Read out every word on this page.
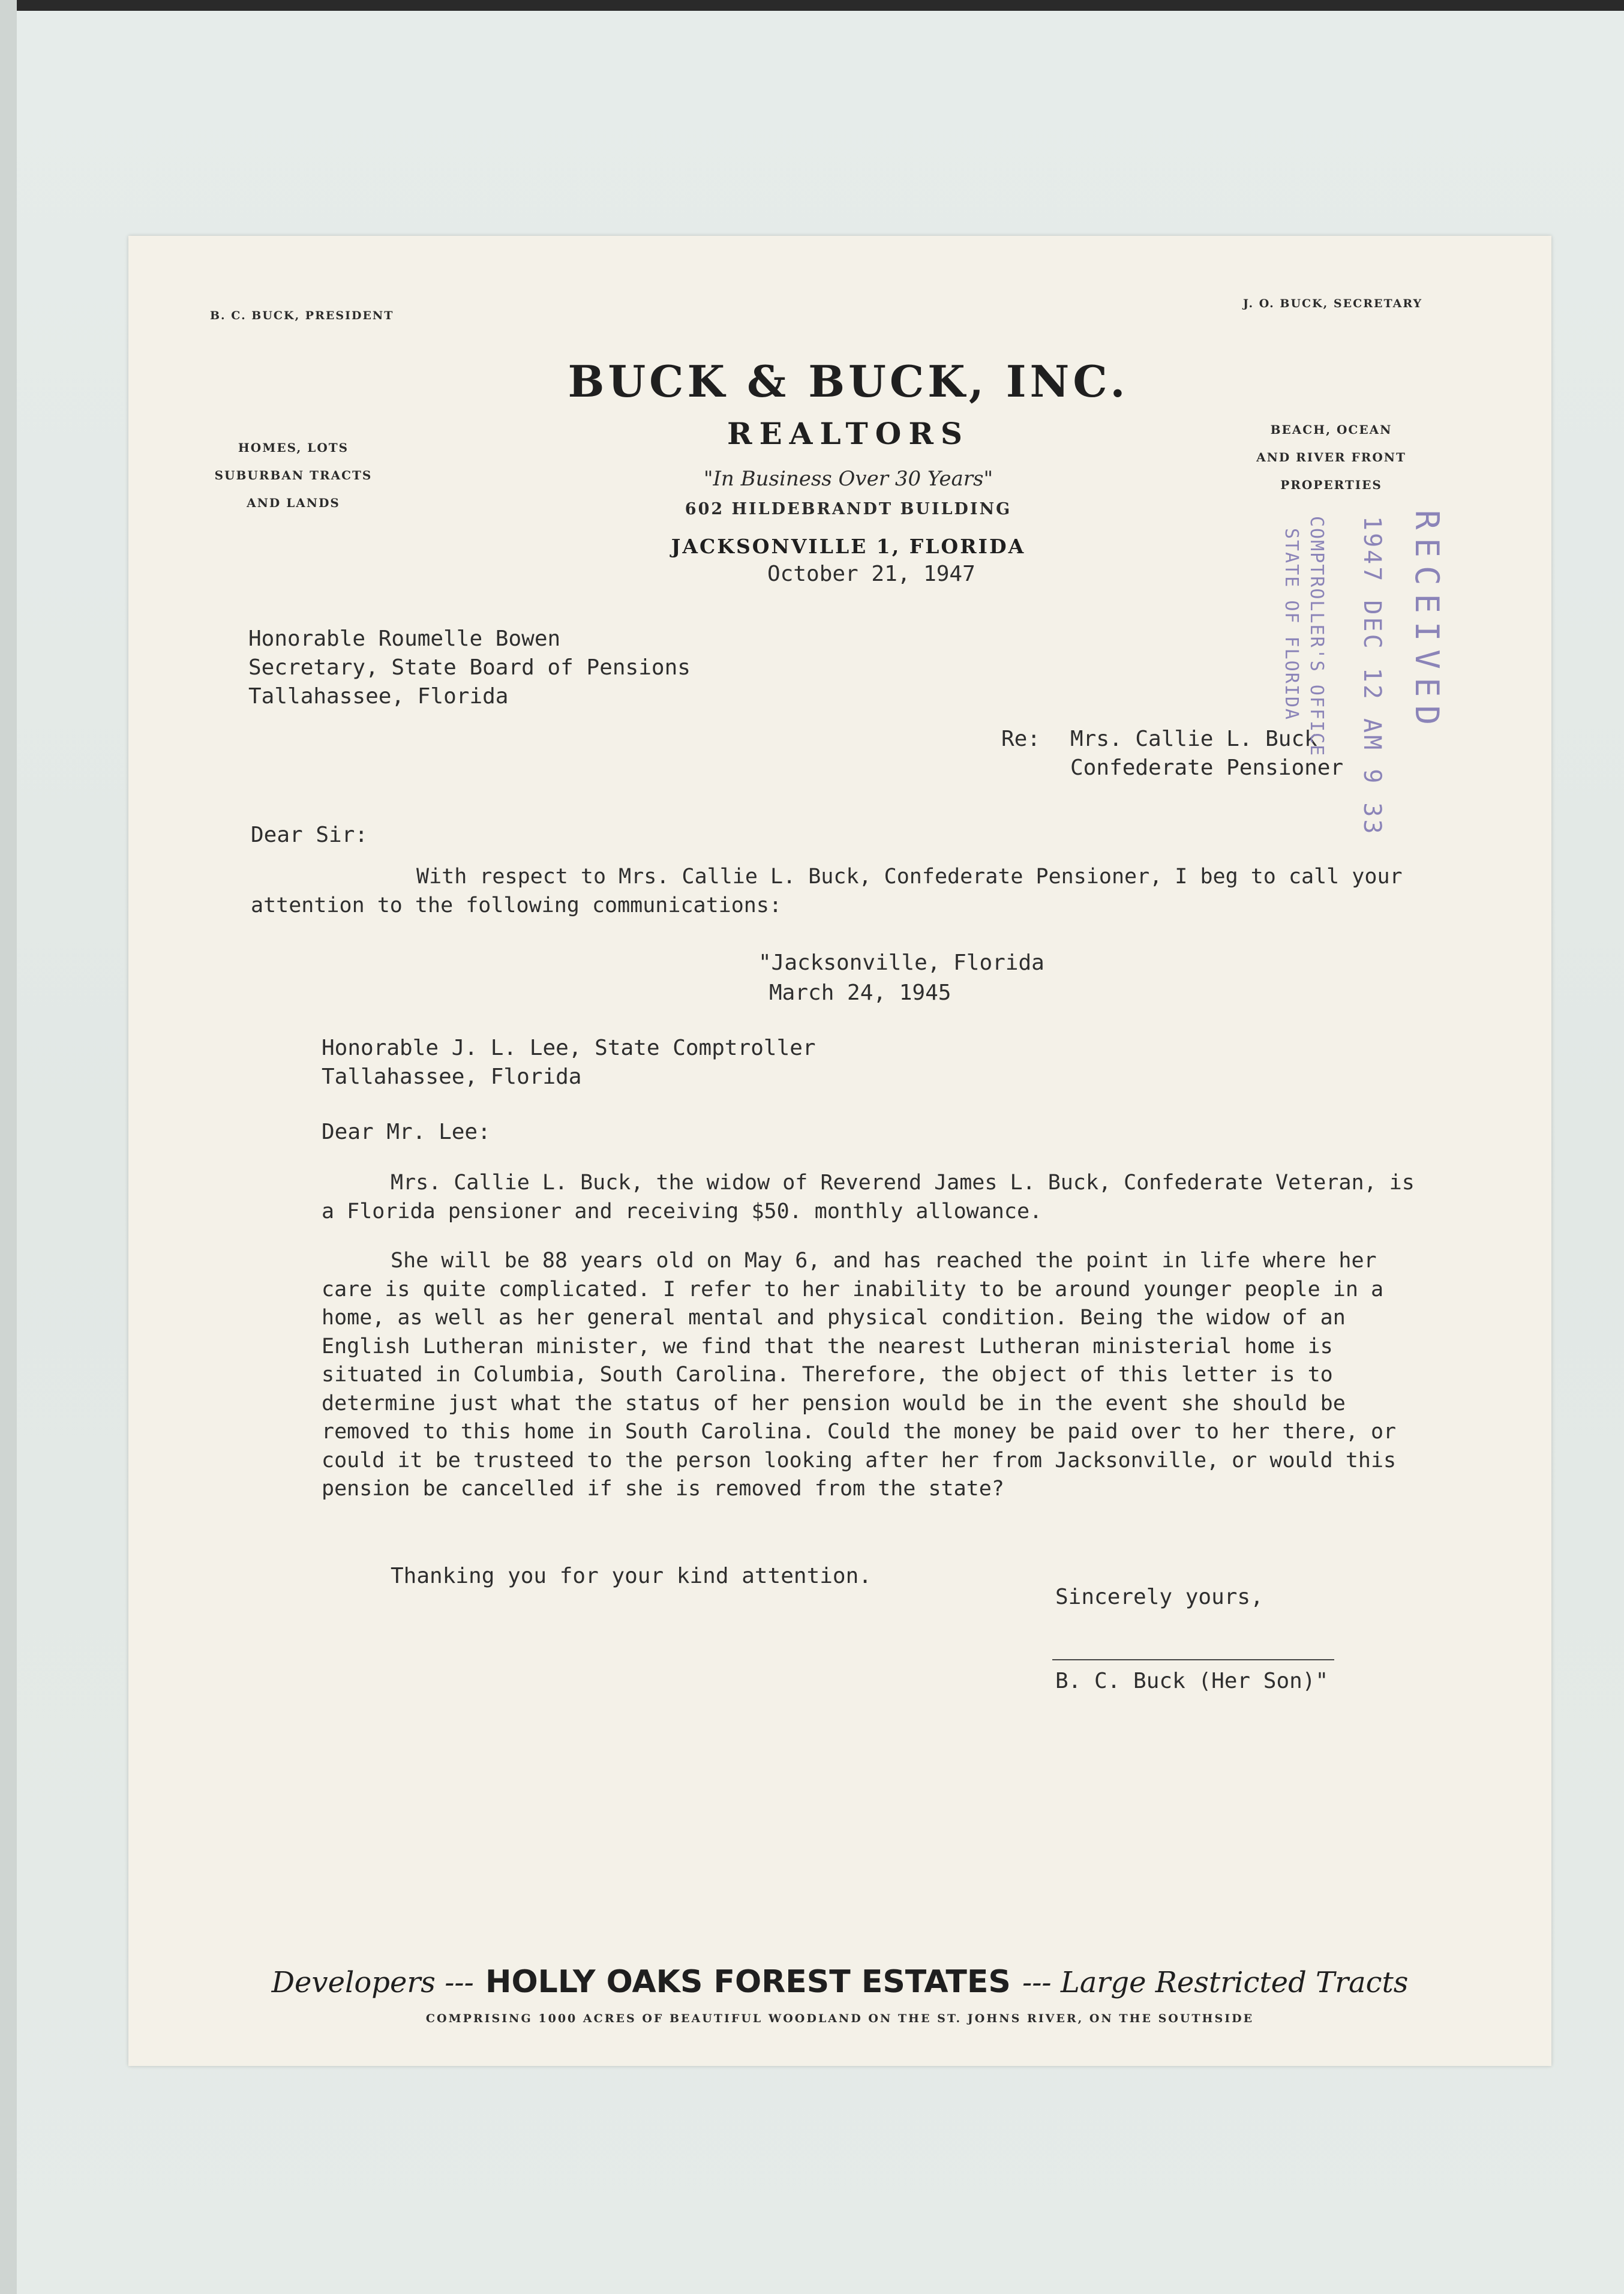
B. C. BUCK, PRESIDENT
J. O. BUCK, SECRETARY
BUCK & BUCK, INC.
REALTORS
"In Business Over 30 Years"
602 HILDEBRANDT BUILDING
JACKSONVILLE 1, FLORIDA
HOMES, LOTS
SUBURBAN TRACTS
AND LANDS
BEACH, OCEAN
AND RIVER FRONT
PROPERTIES
October 21, 1947
Honorable Roumelle Bowen
Secretary, State Board of Pensions
Tallahassee, Florida
Re: Mrs. Callie L. Buck
Confederate Pensioner
Dear Sir:
With respect to Mrs. Callie L. Buck, Confederate Pensioner, I beg to call your attention to the following communications:
"Jacksonville, Florida
March 24, 1945
Honorable J. L. Lee, State Comptroller
Tallahassee, Florida
Dear Mr. Lee:
Mrs. Callie L. Buck, the widow of Reverend James L. Buck, Confederate Veteran, is a Florida pensioner and receiving $50. monthly allowance.
She will be 88 years old on May 6, and has reached the point in life where her care is quite complicated. I refer to her inability to be around younger people in a home, as well as her general mental and physical condition. Being the widow of an English Lutheran minister, we find that the nearest Lutheran ministerial home is situated in Columbia, South Carolina. Therefore, the object of this letter is to determine just what the status of her pension would be in the event she should be removed to this home in South Carolina. Could the money be paid over to her there, or could it be trusteed to the person looking after her from Jacksonville, or would this pension be cancelled if she is removed from the state?
Thanking you for your kind attention.
Sincerely yours,
B. C. Buck (Her Son)"
Developers --- HOLLY OAKS FOREST ESTATES --- Large Restricted Tracts
COMPRISING 1000 ACRES OF BEAUTIFUL WOODLAND ON THE ST. JOHNS RIVER, ON THE SOUTHSIDE
RECEIVED
1947 DEC 12 AM 9 33
COMPTROLLER'S OFFICE
STATE OF FLORIDA
